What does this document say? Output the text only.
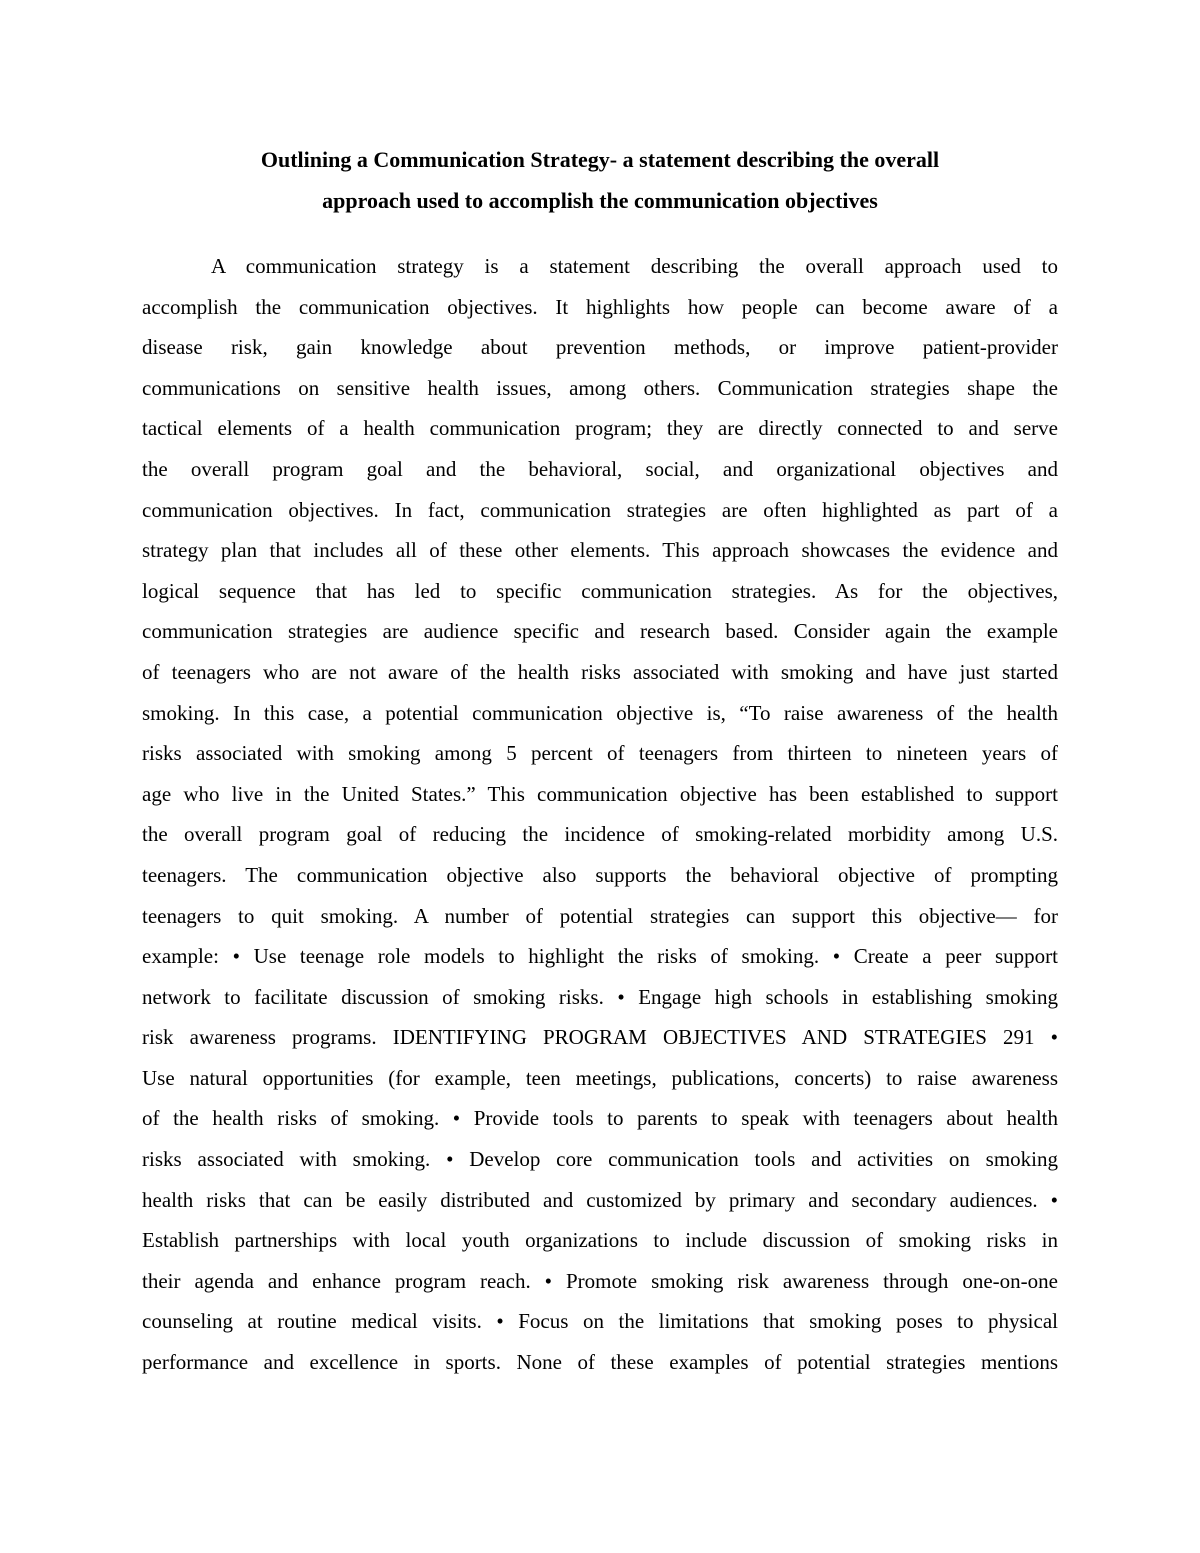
Outlining a Communication Strategy- a statement describing the overall
approach used to accomplish the communication objectives
A communication strategy is a statement describing the overall approach used to
accomplish the communication objectives. It highlights how people can become aware of a
disease risk, gain knowledge about prevention methods, or improve patient-provider
communications on sensitive health issues, among others. Communication strategies shape the
tactical elements of a health communication program; they are directly connected to and serve
the overall program goal and the behavioral, social, and organizational objectives and
communication objectives. In fact, communication strategies are often highlighted as part of a
strategy plan that includes all of these other elements. This approach showcases the evidence and
logical sequence that has led to specific communication strategies. As for the objectives,
communication strategies are audience specific and research based. Consider again the example
of teenagers who are not aware of the health risks associated with smoking and have just started
smoking. In this case, a potential communication objective is, “To raise awareness of the health
risks associated with smoking among 5 percent of teenagers from thirteen to nineteen years of
age who live in the United States.” This communication objective has been established to support
the overall program goal of reducing the incidence of smoking-related morbidity among U.S.
teenagers. The communication objective also supports the behavioral objective of prompting
teenagers to quit smoking. A number of potential strategies can support this objective— for
example: • Use teenage role models to highlight the risks of smoking. • Create a peer support
network to facilitate discussion of smoking risks. • Engage high schools in establishing smoking
risk awareness programs. IDENTIFYING PROGRAM OBJECTIVES AND STRATEGIES 291 •
Use natural opportunities (for example, teen meetings, publications, concerts) to raise awareness
of the health risks of smoking. • Provide tools to parents to speak with teenagers about health
risks associated with smoking. • Develop core communication tools and activities on smoking
health risks that can be easily distributed and customized by primary and secondary audiences. •
Establish partnerships with local youth organizations to include discussion of smoking risks in
their agenda and enhance program reach. • Promote smoking risk awareness through one-on-one
counseling at routine medical visits. • Focus on the limitations that smoking poses to physical
performance and excellence in sports. None of these examples of potential strategies mentions
